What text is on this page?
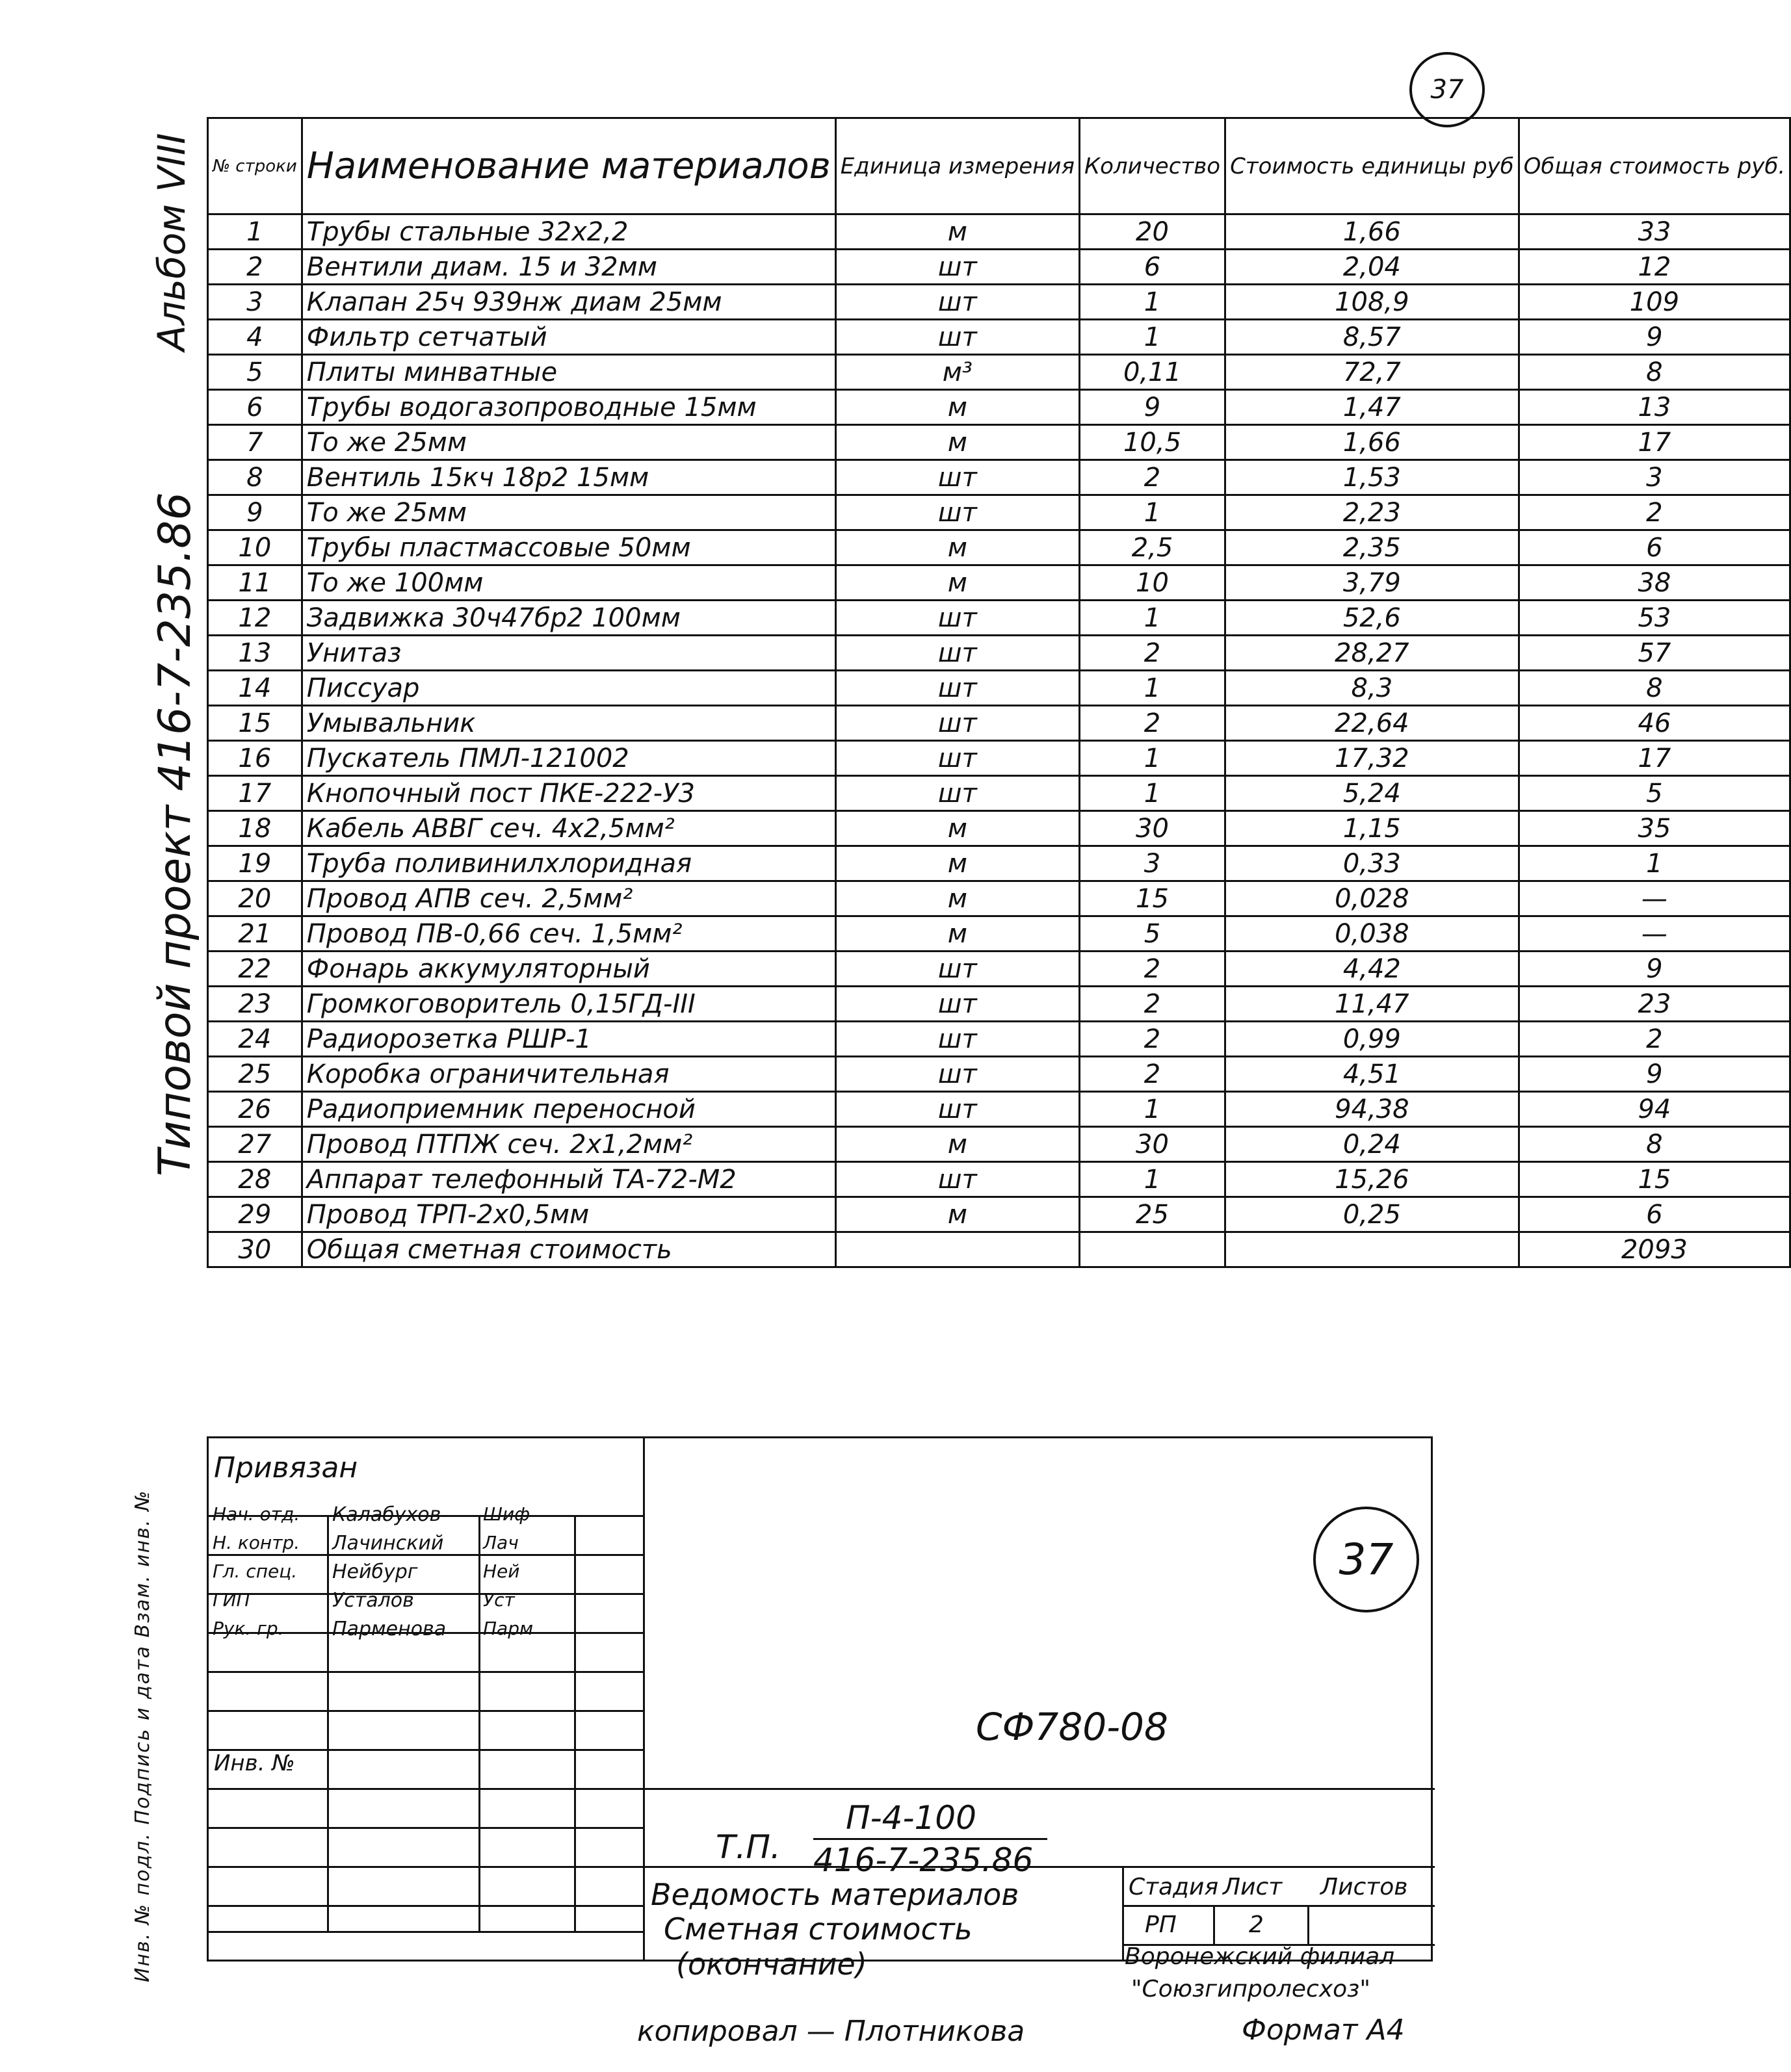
37
Альбом VIII
Типовой проект 416-7-235.86
Инв. № подл. Подпись и дата Взам. инв. №
№ строки	Наименование материалов	Единица измерения	Количество	Стоимость единицы руб	Общая стоимость руб.
1	Трубы стальные 32х2,2	м	20	1,66	33
2	Вентили диам. 15 и 32мм	шт	6	2,04	12
3	Клапан 25ч 939нж диам 25мм	шт	1	108,9	109
4	Фильтр сетчатый	шт	1	8,57	9
5	Плиты минватные	м³	0,11	72,7	8
6	Трубы водогазопроводные 15мм	м	9	1,47	13
7	То же 25мм	м	10,5	1,66	17
8	Вентиль 15кч 18р2 15мм	шт	2	1,53	3
9	То же 25мм	шт	1	2,23	2
10	Трубы пластмассовые 50мм	м	2,5	2,35	6
11	То же 100мм	м	10	3,79	38
12	Задвижка 30ч47бр2 100мм	шт	1	52,6	53
13	Унитаз	шт	2	28,27	57
14	Писсуар	шт	1	8,3	8
15	Умывальник	шт	2	22,64	46
16	Пускатель ПМЛ-121002	шт	1	17,32	17
17	Кнопочный пост ПКЕ-222-У3	шт	1	5,24	5
18	Кабель АВВГ сеч. 4х2,5мм²	м	30	1,15	35
19	Труба поливинилхлоридная	м	3	0,33	1
20	Провод АПВ сеч. 2,5мм²	м	15	0,028	—
21	Провод ПВ-0,66 сеч. 1,5мм²	м	5	0,038	—
22	Фонарь аккумуляторный	шт	2	4,42	9
23	Громкоговоритель 0,15ГД-III	шт	2	11,47	23
24	Радиорозетка РШР-1	шт	2	0,99	2
25	Коробка ограничительная	шт	2	4,51	9
26	Радиоприемник переносной	шт	1	94,38	94
27	Провод ПТПЖ сеч. 2х1,2мм²	м	30	0,24	8
28	Аппарат телефонный ТА-72-М2	шт	1	15,26	15
29	Провод ТРП-2х0,5мм	м	25	0,25	6
30	Общая сметная стоимость				2093
Привязан
Инв. №
СФ780-08
Нач. отд. Калабухов Шиф
Н. контр. Лачинский Лач
Гл. спец. Нейбург	Ней
ГИП	Усталов	Уст
Рук. гр. Парменова Парм
Т.П.
П-4-100
416-7-235.86
Ведомость материалов
Сметная стоимость
Стадия Лист Листов
РП	2
(окончание)	Воронежский филиал
"Союзгипролесхоз"
37
копировал — Плотникова	Формат А4
